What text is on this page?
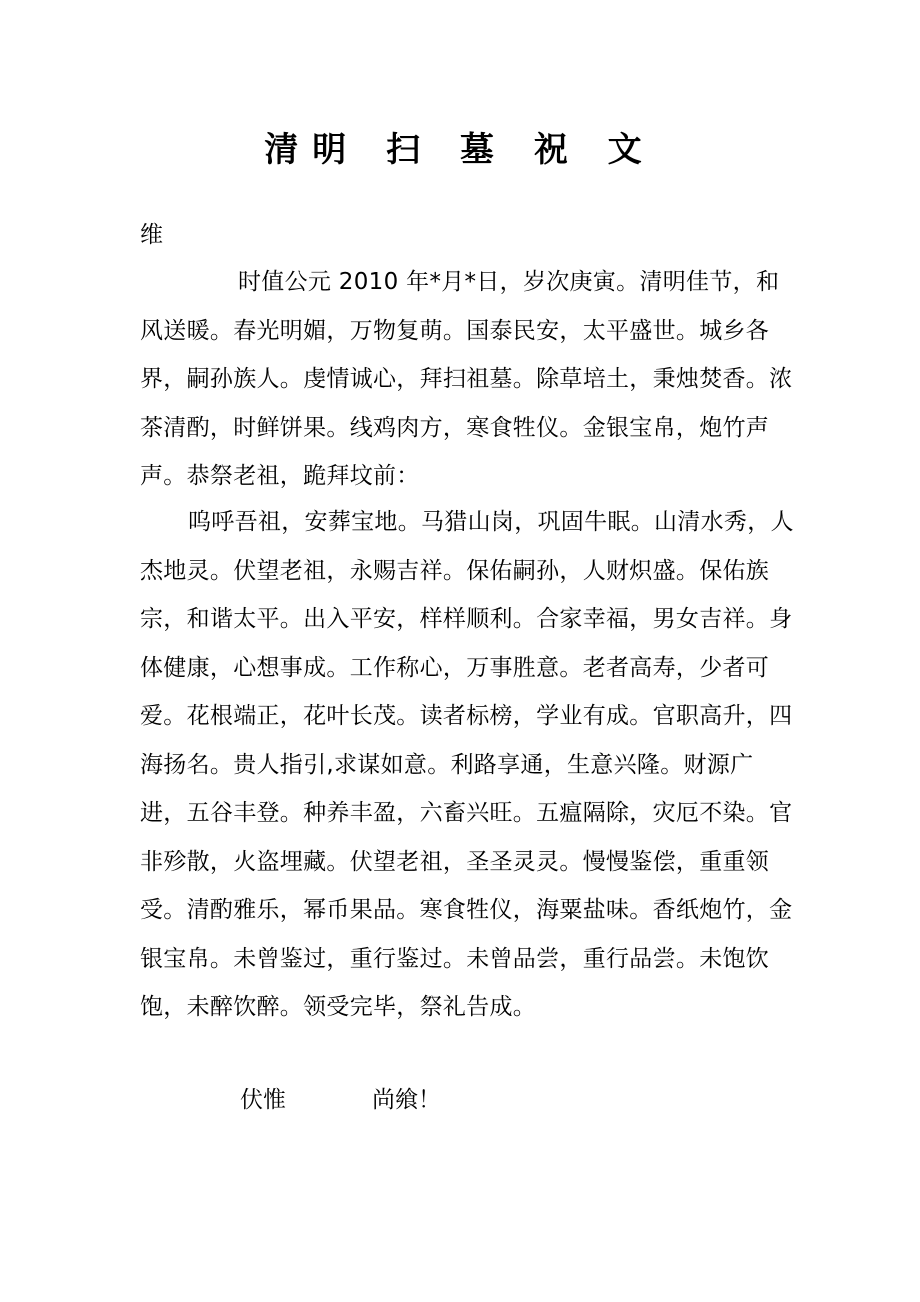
清明 扫 墓 祝 文

维

时值公元 2010 年*月*日，岁次庚寅。清明佳节，和风送暖。春光明媚，万物复萌。国泰民安，太平盛世。城乡各界，嗣孙族人。虔情诚心，拜扫祖墓。除草培土，秉烛焚香。浓茶清酌，时鲜饼果。线鸡肉方，寒食牲仪。金银宝帛，炮竹声声。恭祭老祖，跪拜坟前：

呜呼吾祖，安葬宝地。马猎山岗，巩固牛眠。山清水秀，人杰地灵。伏望老祖，永赐吉祥。保佑嗣孙，人财炽盛。保佑族宗，和谐太平。出入平安，样样顺利。合家幸福，男女吉祥。身体健康，心想事成。工作称心，万事胜意。老者高寿，少者可爱。花根端正，花叶长茂。读者标榜，学业有成。官职高升，四海扬名。贵人指引,求谋如意。利路享通，生意兴隆。财源广进，五谷丰登。种养丰盈，六畜兴旺。五瘟隔除，灾厄不染。官非殄散，火盗埋藏。伏望老祖，圣圣灵灵。慢慢鉴偿，重重领受。清酌雅乐，幂币果品。寒食牲仪，海粟盐味。香纸炮竹，金银宝帛。未曾鉴过，重行鉴过。未曾品尝，重行品尝。未饱饮饱，未醉饮醉。领受完毕，祭礼告成。

伏惟	尚飨！
